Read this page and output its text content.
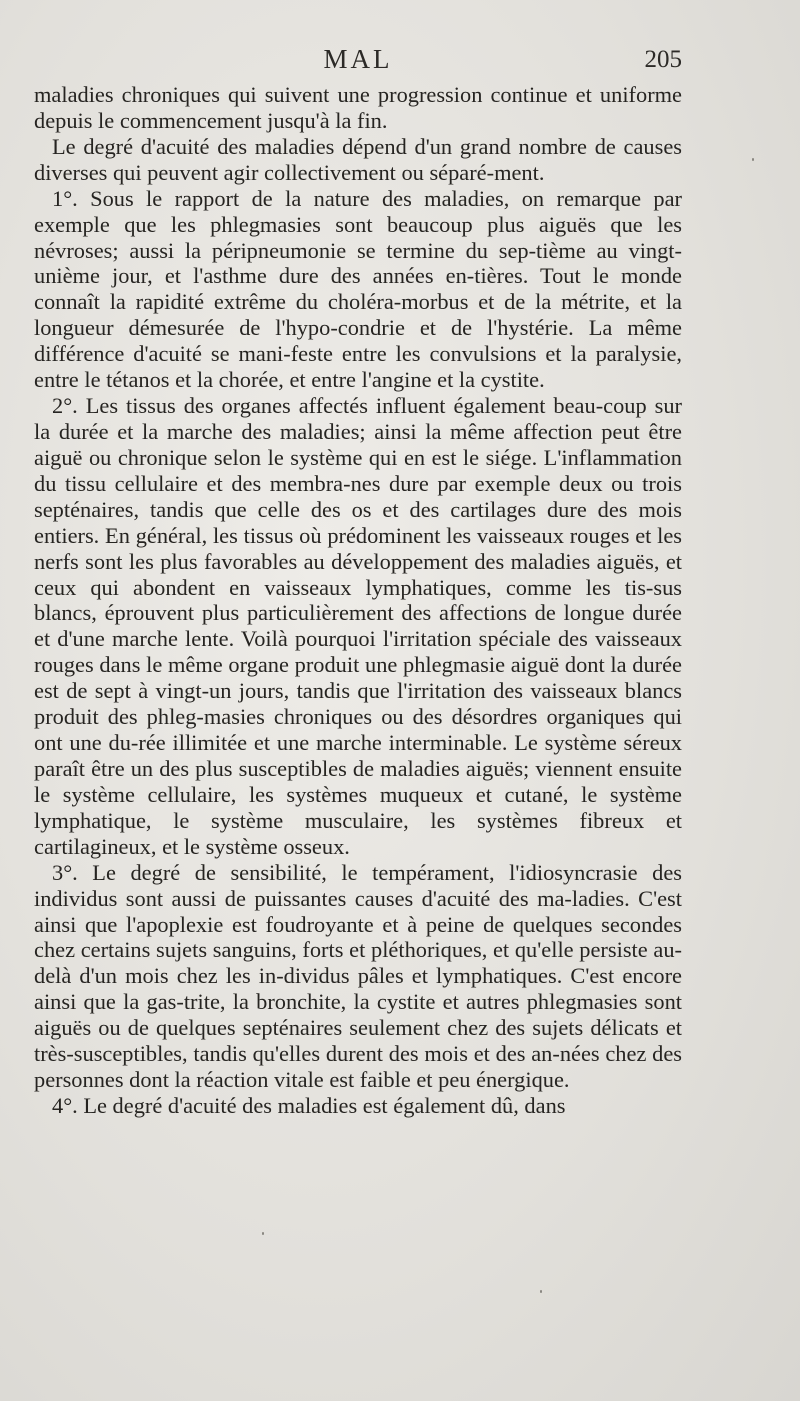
MAL	205

maladies chroniques qui suivent une progression continue et uniforme depuis le commencement jusqu'à la fin.

Le degré d'acuité des maladies dépend d'un grand nombre de causes diverses qui peuvent agir collectivement ou séparé-ment.

1°. Sous le rapport de la nature des maladies, on remarque par exemple que les phlegmasies sont beaucoup plus aiguës que les névroses; aussi la péripneumonie se termine du sep-tième au vingt-unième jour, et l'asthme dure des années en-tières. Tout le monde connaît la rapidité extrême du choléra-morbus et de la métrite, et la longueur démesurée de l'hypo-condrie et de l'hystérie. La même différence d'acuité se mani-feste entre les convulsions et la paralysie, entre le tétanos et la chorée, et entre l'angine et la cystite.

2°. Les tissus des organes affectés influent également beau-coup sur la durée et la marche des maladies; ainsi la même affection peut être aiguë ou chronique selon le système qui en est le siége. L'inflammation du tissu cellulaire et des membra-nes dure par exemple deux ou trois septénaires, tandis que celle des os et des cartilages dure des mois entiers. En général, les tissus où prédominent les vaisseaux rouges et les nerfs sont les plus favorables au développement des maladies aiguës, et ceux qui abondent en vaisseaux lymphatiques, comme les tis-sus blancs, éprouvent plus particulièrement des affections de longue durée et d'une marche lente. Voilà pourquoi l'irritation spéciale des vaisseaux rouges dans le même organe produit une phlegmasie aiguë dont la durée est de sept à vingt-un jours, tandis que l'irritation des vaisseaux blancs produit des phleg-masies chroniques ou des désordres organiques qui ont une du-rée illimitée et une marche interminable. Le système séreux paraît être un des plus susceptibles de maladies aiguës; viennent ensuite le système cellulaire, les systèmes muqueux et cutané, le système lymphatique, le système musculaire, les systèmes fibreux et cartilagineux, et le système osseux.

3°. Le degré de sensibilité, le tempérament, l'idiosyncrasie des individus sont aussi de puissantes causes d'acuité des ma-ladies. C'est ainsi que l'apoplexie est foudroyante et à peine de quelques secondes chez certains sujets sanguins, forts et pléthoriques, et qu'elle persiste au-delà d'un mois chez les in-dividus pâles et lymphatiques. C'est encore ainsi que la gas-trite, la bronchite, la cystite et autres phlegmasies sont aiguës ou de quelques septénaires seulement chez des sujets délicats et très-susceptibles, tandis qu'elles durent des mois et des an-nées chez des personnes dont la réaction vitale est faible et peu énergique.

4°. Le degré d'acuité des maladies est également dû, dans
